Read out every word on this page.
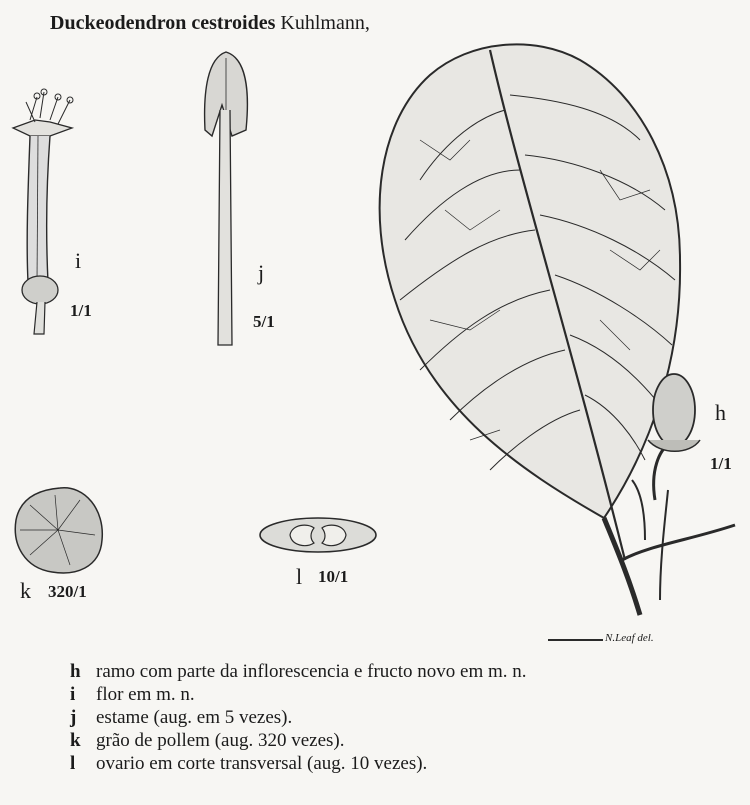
Duckeodendron cestroides Kuhlmann,
i
1/1
j
5/1
h
1/1
k 320/1
l 10/1
N.Leaf del.
h ramo com parte da inflorescencia e fructo novo em m. n.
i	flor em m. n.
j	estame (aug. em 5 vezes).
k grão de pollem (aug. 320 vezes).
l	ovario em corte transversal (aug. 10 vezes).
